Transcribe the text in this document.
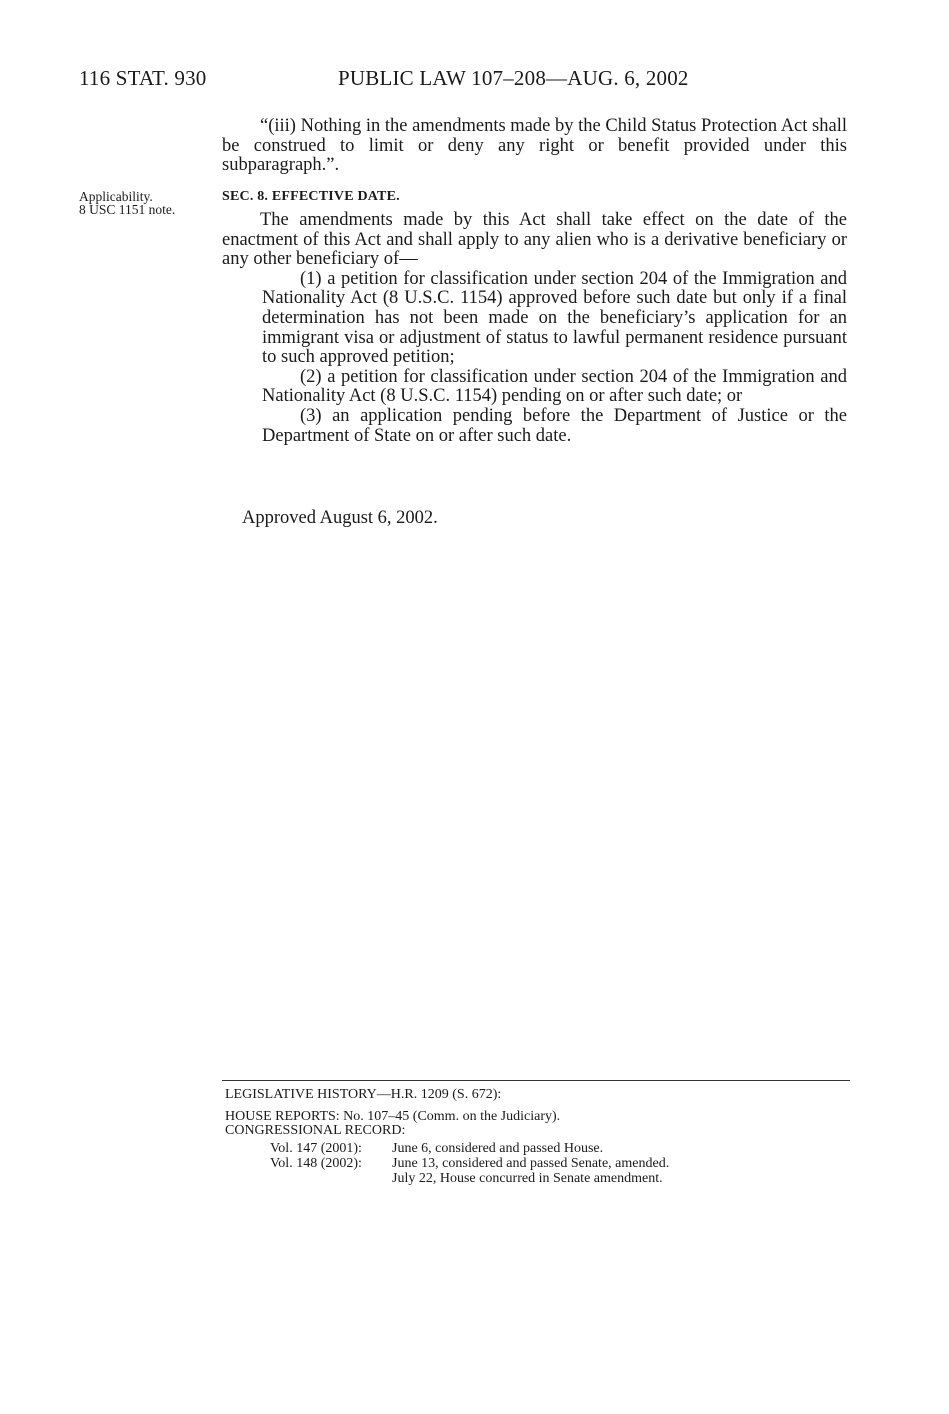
116 STAT. 930	PUBLIC LAW 107–208—AUG. 6, 2002

“(iii) Nothing in the amendments made by the Child Status Protection Act shall be construed to limit or deny any right or benefit provided under this subparagraph.”.

Applicability.
8 USC 1151 note.
SEC. 8. EFFECTIVE DATE.

The amendments made by this Act shall take effect on the date of the enactment of this Act and shall apply to any alien who is a derivative beneficiary or any other beneficiary of—

(1) a petition for classification under section 204 of the Immigration and Nationality Act (8 U.S.C. 1154) approved before such date but only if a final determination has not been made on the beneficiary’s application for an immigrant visa or adjustment of status to lawful permanent residence pursuant to such approved petition;

(2) a petition for classification under section 204 of the Immigration and Nationality Act (8 U.S.C. 1154) pending on or after such date; or

(3) an application pending before the Department of Justice or the Department of State on or after such date.

Approved August 6, 2002.
LEGISLATIVE HISTORY—H.R. 1209 (S. 672):
HOUSE REPORTS: No. 107–45 (Comm. on the Judiciary).
CONGRESSIONAL RECORD:
Vol. 147 (2001): June 6, considered and passed House.
Vol. 148 (2002): June 13, considered and passed Senate, amended.
July 22, House concurred in Senate amendment.
